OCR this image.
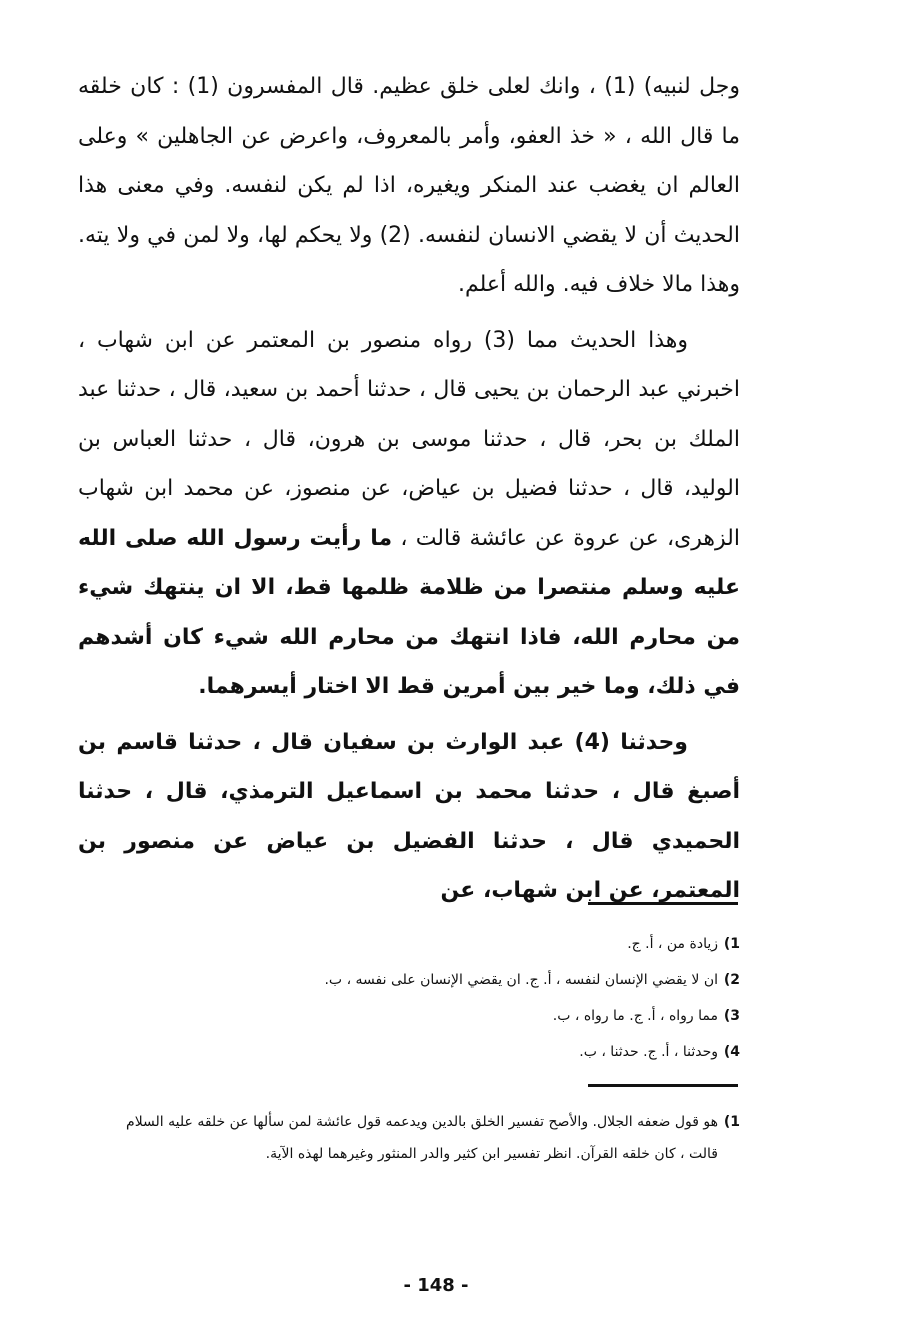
وجل لنبيه) (1) ، وانك لعلى خلق عظيم. قال المفسرون (1) : كان خلقه ما قال الله ، « خذ العفو، وأمر بالمعروف، واعرض عن الجاهلين » وعلى العالم ان يغضب عند المنكر ويغيره، اذا لم يكن لنفسه. وفي معنى هذا الحديث أن لا يقضي الانسان لنفسه. (2) ولا يحكم لها، ولا لمن في ولا يته. وهذا مالا خلاف فيه. والله أعلم.

وهذا الحديث مما (3) رواه منصور بن المعتمر عن ابن شهاب ، اخبرني عبد الرحمان بن يحيى قال ، حدثنا أحمد بن سعيد، قال ، حدثنا عبد الملك بن بحر، قال ، حدثنا موسى بن هرون، قال ، حدثنا العباس بن الوليد، قال ، حدثنا فضيل بن عياض، عن منصوز، عن محمد ابن شهاب الزهرى، عن عروة عن عائشة قالت ، ما رأيت رسول الله صلى الله عليه وسلم منتصرا من ظلامة ظلمها قط، الا ان ينتهك شيء من محارم الله، فاذا انتهك من محارم الله شيء كان أشدهم في ذلك، وما خير بين أمرين قط الا اختار أيسرهما.

وحدثنا (4) عبد الوارث بن سفيان قال ، حدثنا قاسم بن أصبغ قال ، حدثنا محمد بن اسماعيل الترمذي، قال ، حدثنا الحميدي قال ، حدثنا الفضيل بن عياض عن منصور بن المعتمر، عن ابن شهاب، عن

1)
زيادة من ، أ. ج.
2)
ان لا يقضي الإنسان لنفسه ، أ. ج. ان يقضي الإنسان على نفسه ، ب.
3)
مما رواه ، أ. ج. ما رواه ، ب.
4)
وحدثنا ، أ. ج. حدثنا ، ب.
1)
هو قول ضعفه الجلال. والأصح تفسير الخلق بالدين ويدعمه قول عائشة لمن سألها عن خلقه عليه السلام قالت ، كان خلقه القرآن. انظر تفسير ابن كثير والدر المنثور وغيرهما لهذه الآية.
- 148 -
